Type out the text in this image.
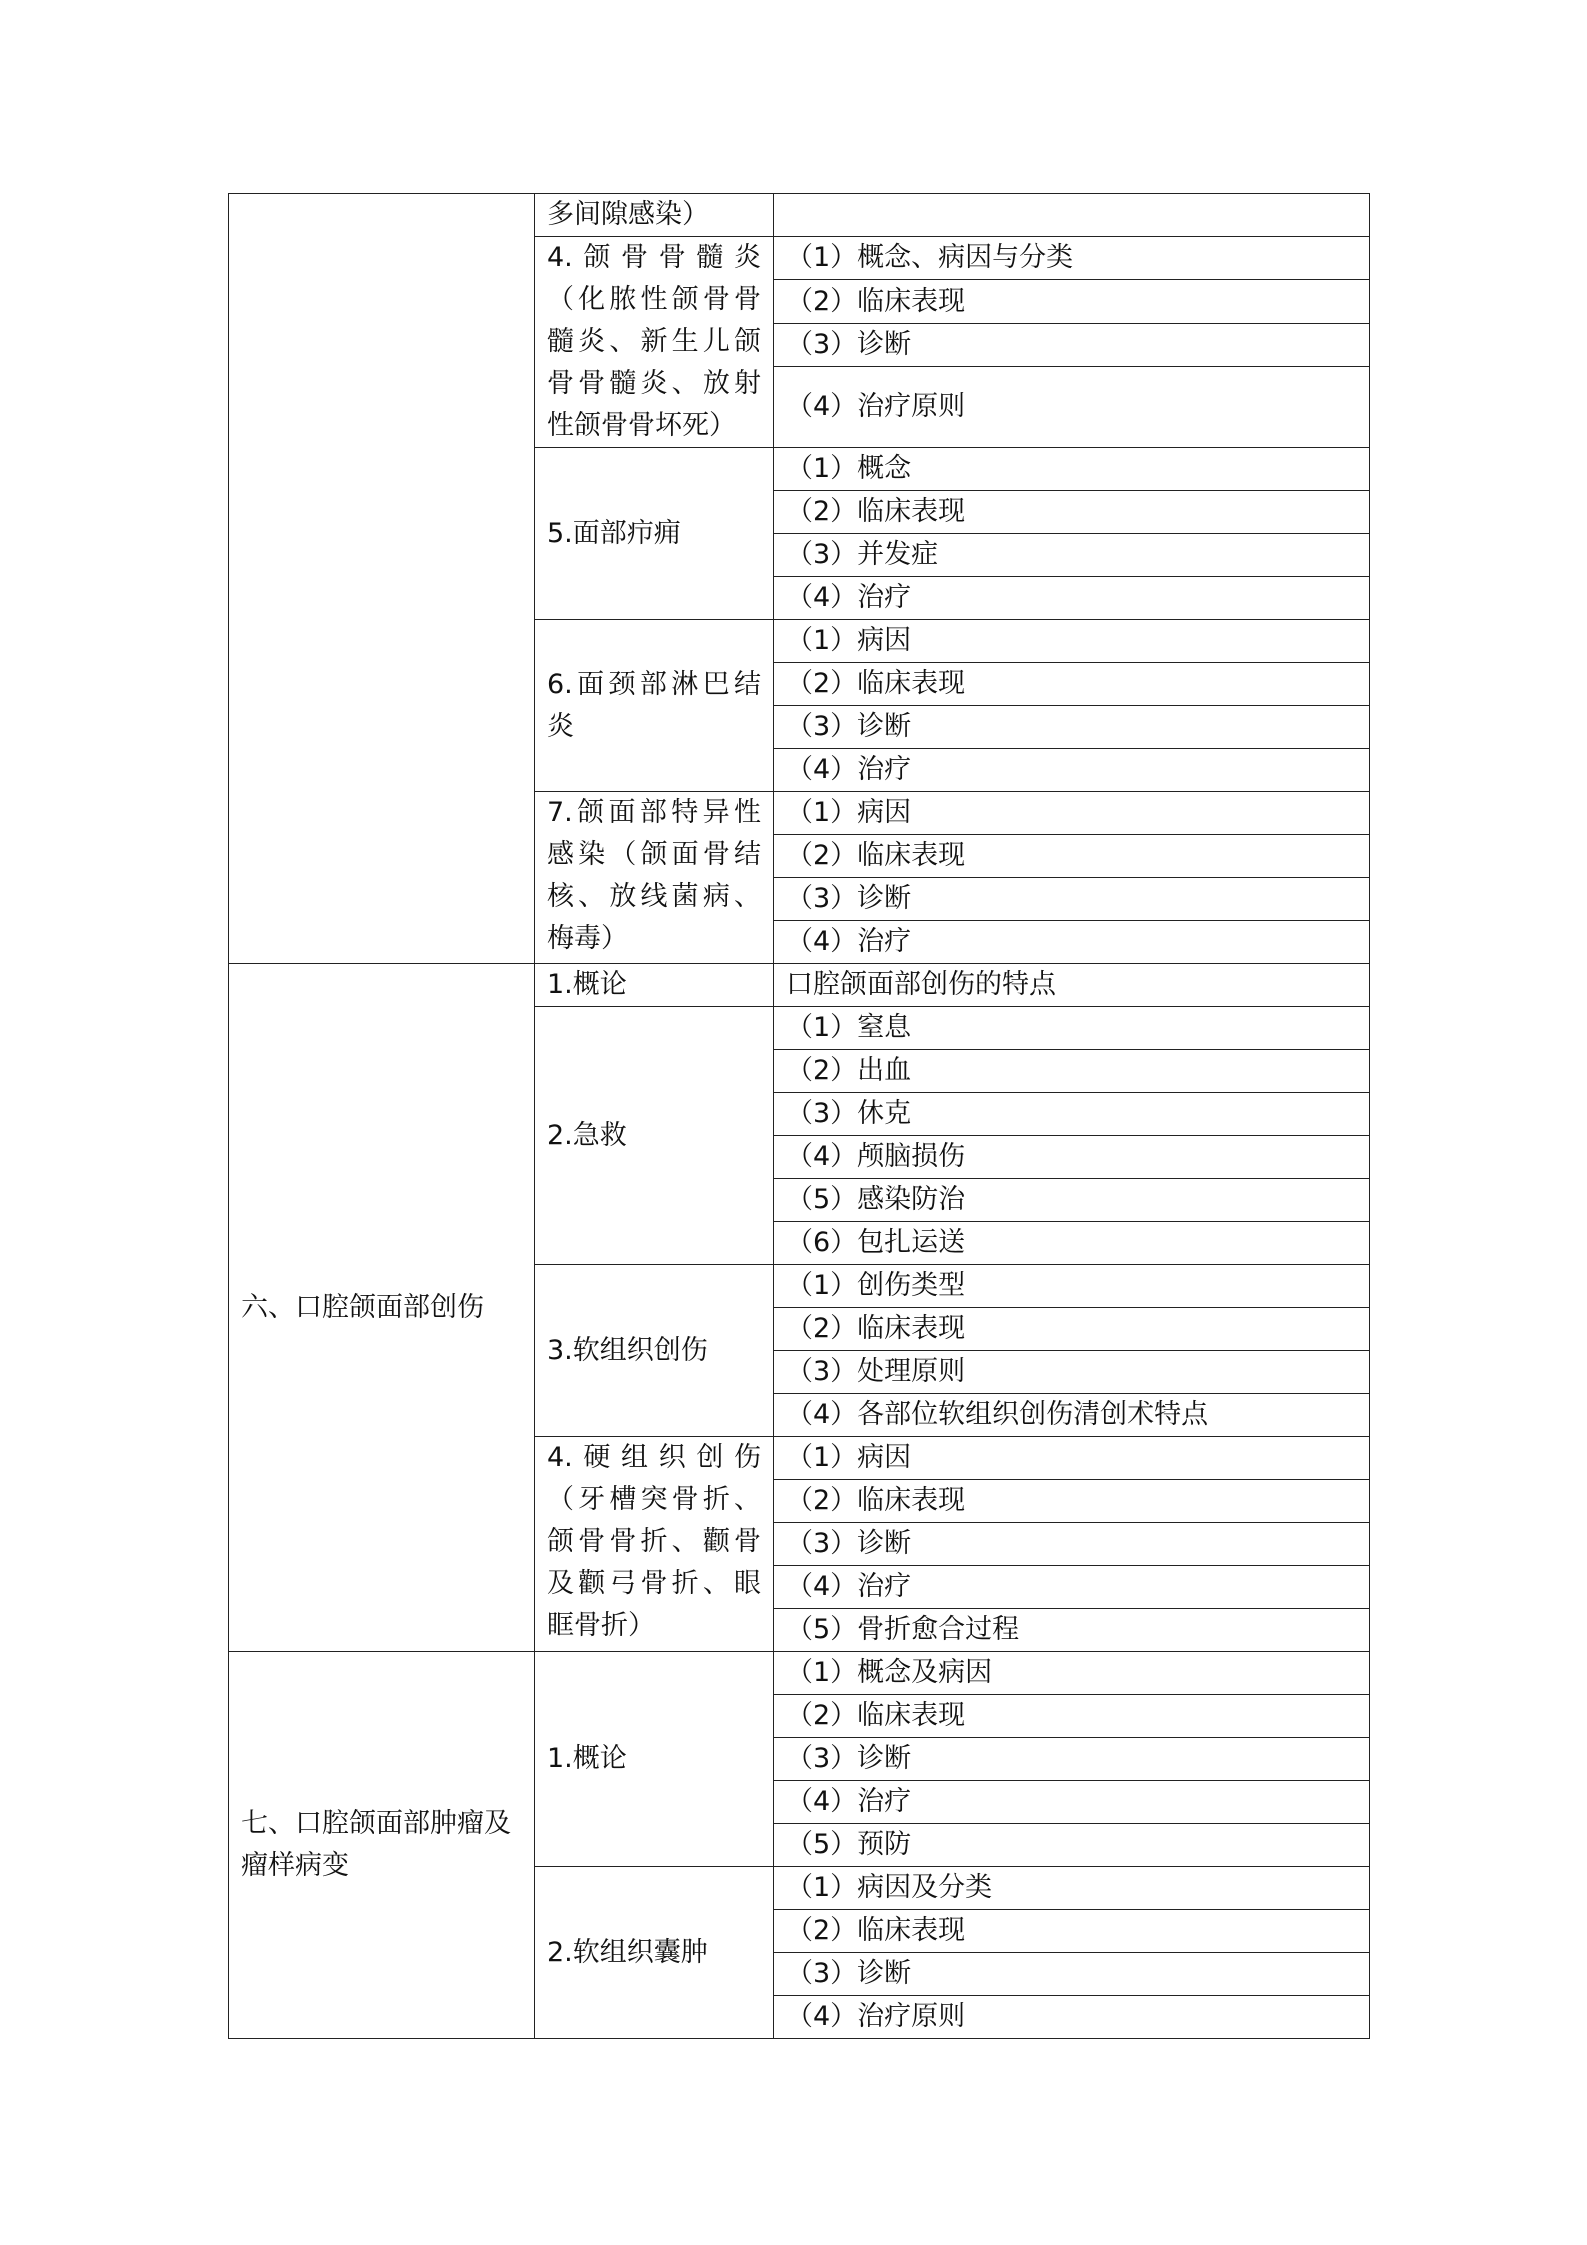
	多间隙感染）	
	4.颌骨骨髓炎（化脓性颌骨骨髓炎、新生儿颌骨骨髓炎、放射性颌骨骨坏死）	（1）概念、病因与分类
		（2）临床表现
		（3）诊断
		（4）治疗原则
	5.面部疖痈	（1）概念
		（2）临床表现
		（3）并发症
		（4）治疗
	6.面颈部淋巴结炎	（1）病因
		（2）临床表现
		（3）诊断
		（4）治疗
	7.颌面部特异性感染（颌面骨结核、放线菌病、梅毒）	（1）病因
		（2）临床表现
		（3）诊断
		（4）治疗
六、口腔颌面部创伤	1.概论	口腔颌面部创伤的特点
	2.急救	（1）窒息
		（2）出血
		（3）休克
		（4）颅脑损伤
		（5）感染防治
		（6）包扎运送
	3.软组织创伤	（1）创伤类型
		（2）临床表现
		（3）处理原则
		（4）各部位软组织创伤清创术特点
	4.硬组织创伤（牙槽突骨折、颌骨骨折、颧骨及颧弓骨折、眼眶骨折）	（1）病因
		（2）临床表现
		（3）诊断
		（4）治疗
		（5）骨折愈合过程
七、口腔颌面部肿瘤及瘤样病变	1.概论	（1）概念及病因
		（2）临床表现
		（3）诊断
		（4）治疗
		（5）预防
	2.软组织囊肿	（1）病因及分类
		（2）临床表现
		（3）诊断
		（4）治疗原则
